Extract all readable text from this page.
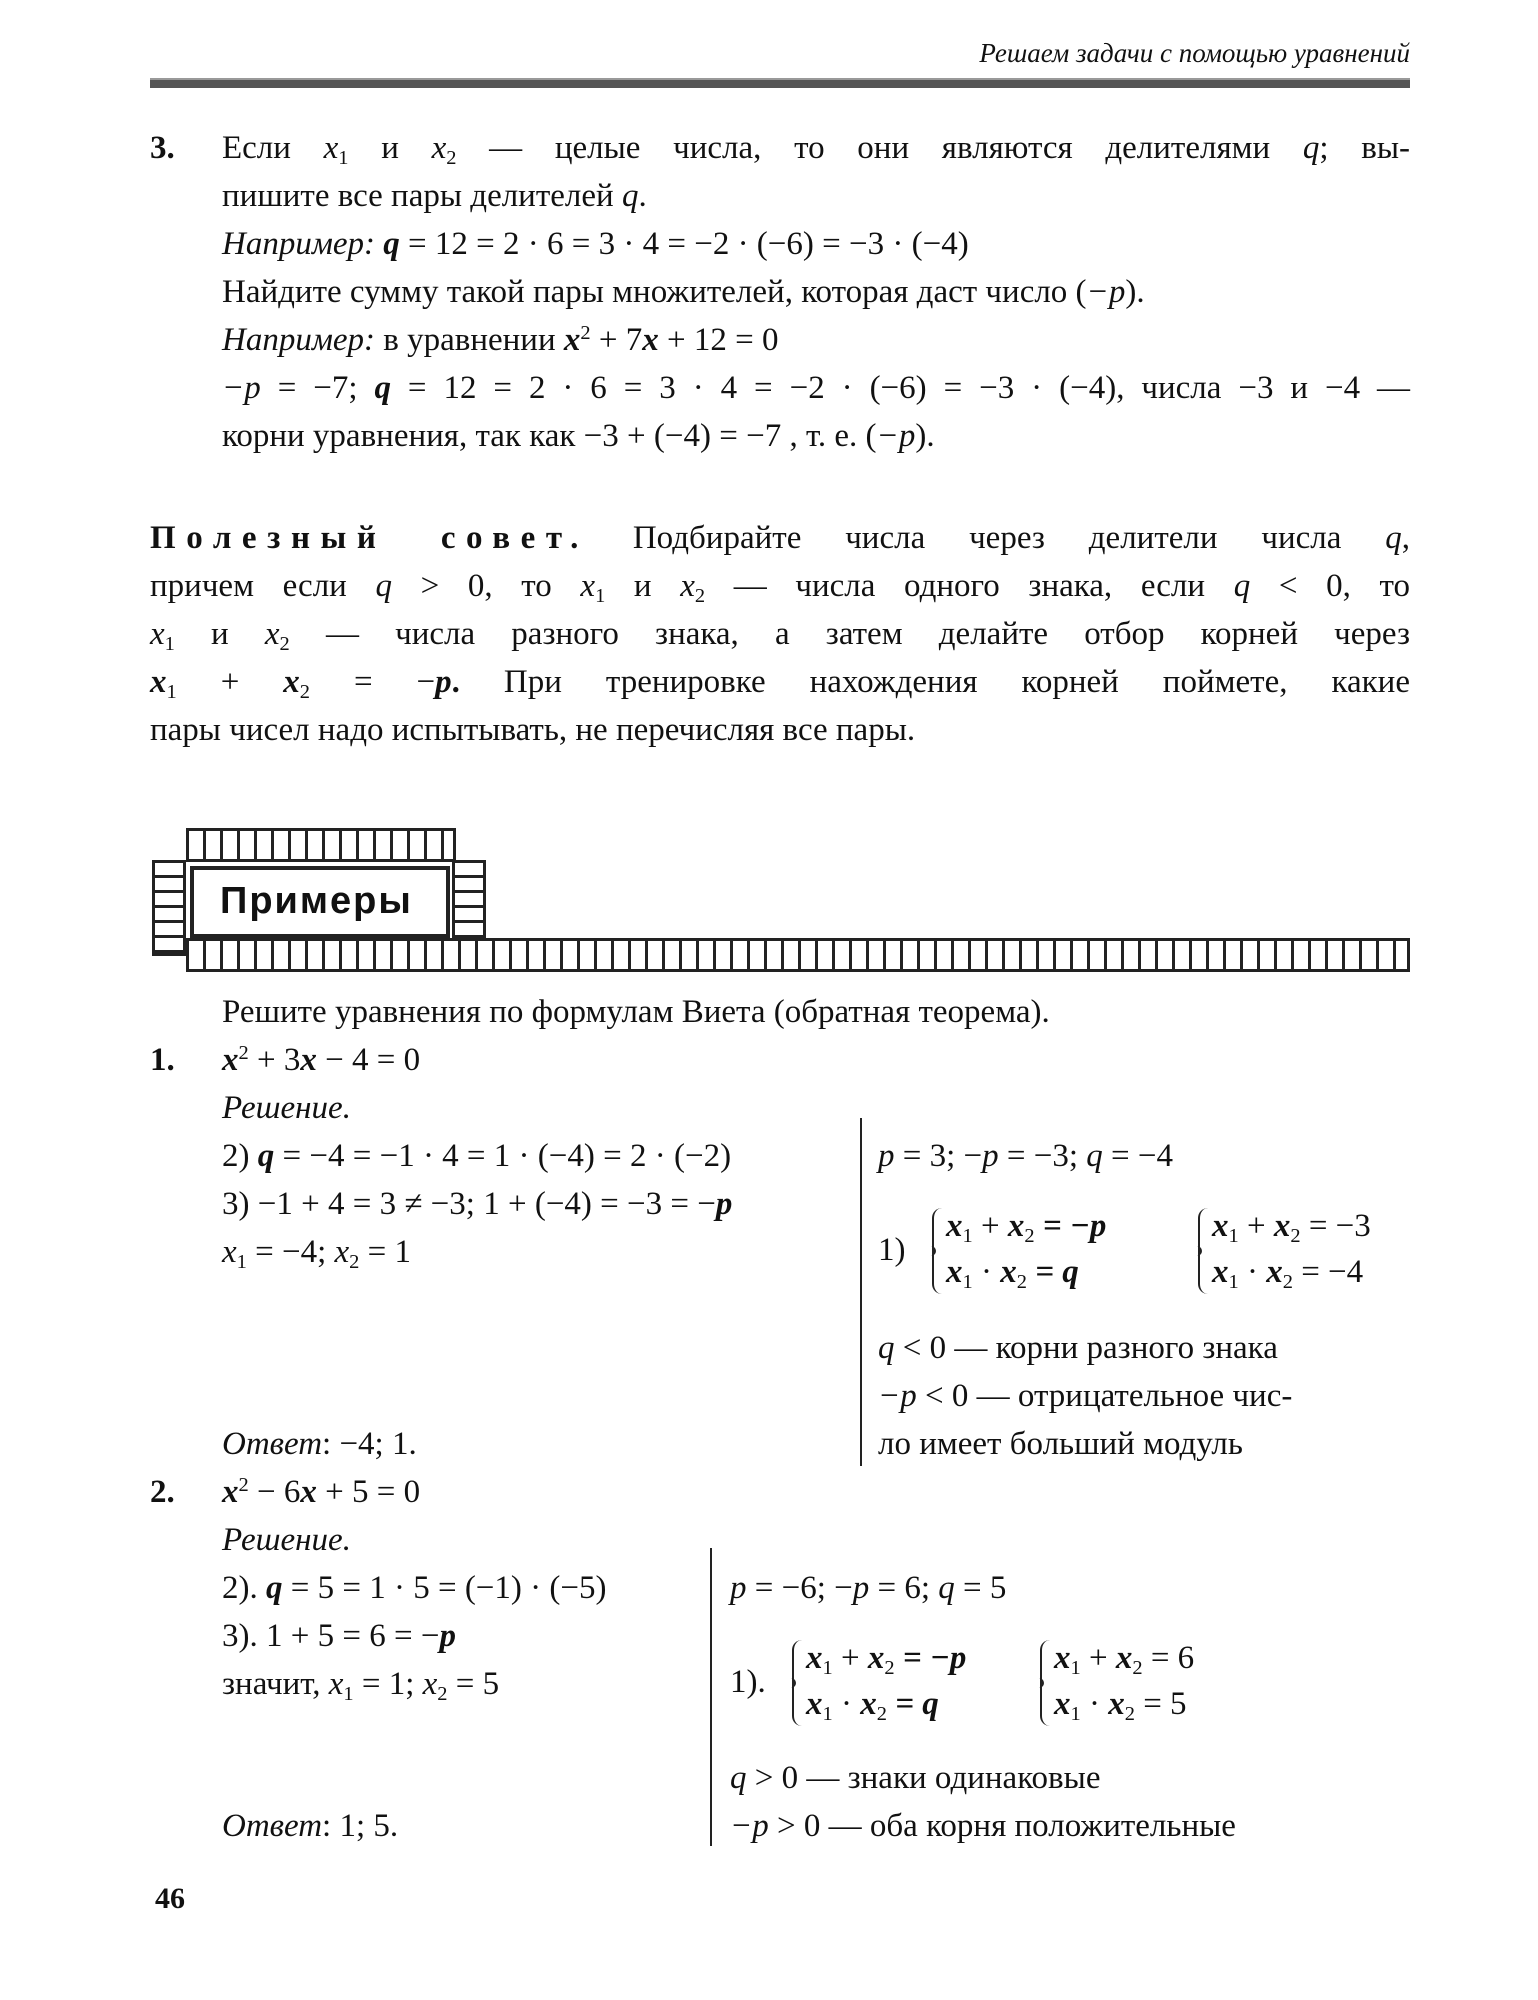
Решаем задачи с помощью уравнений
3. Если $x_1$ и $x_2$ — целые числа, то они являются делителями q; вы-
пишите все пары делителей q.
Например: q = 12 = 2 · 6 = 3 · 4 = −2 · (−6) = −3 · (−4)
Найдите сумму такой пары множителей, которая даст число (−p).
Например: в уравнении $x^2 + 7x + 12 = 0$
−p = −7; q = 12 = 2 · 6 = 3 · 4 = −2 · (−6) = −3 · (−4), числа −3 и −4 —
корни уравнения, так как −3 + (−4) = −7 , т. е. (−p).
Полезный совет. Подбирайте числа через делители числа q,
причем если q > 0, то $x_1$ и $x_2$ — числа одного знака, если q < 0, то
$x_1$ и $x_2$ — числа разного знака, а затем делайте отбор корней через
$x_1 + x_2 = -p$. При тренировке нахождения корней поймете, какие
пары чисел надо испытывать, не перечисляя все пары.
Примеры
Решите уравнения по формулам Виета (обратная теорема).
1. $x^2 + 3x - 4 = 0$
Решение.
2) q = −4 = −1 · 4 = 1 · (−4) = 2 · (−2)
3) −1 + 4 = 3 ≠ −3; 1 + (−4) = −3 = −p
$x_1 = -4$; $x_2 = 1$
Ответ: −4; 1.
p = 3; −p = −3; q = −4
1)
$x_1 + x_2 = -p$
$x_1 \cdot x_2 = q$
$x_1 + x_2 = -3$
$x_1 \cdot x_2 = -4$
q < 0 — корни разного знака
−p < 0 — отрицательное чис-
ло имеет больший модуль
2. $x^2 - 6x + 5 = 0$
Решение.
2). q = 5 = 1 · 5 = (−1) · (−5)
3). 1 + 5 = 6 = −p
значит, $x_1 = 1$; $x_2 = 5$
Ответ: 1; 5.
p = −6; −p = 6; q = 5
1).
$x_1 + x_2 = -p$
$x_1 \cdot x_2 = q$
$x_1 + x_2 = 6$
$x_1 \cdot x_2 = 5$
q > 0 — знаки одинаковые
−p > 0 — оба корня положительные
46
